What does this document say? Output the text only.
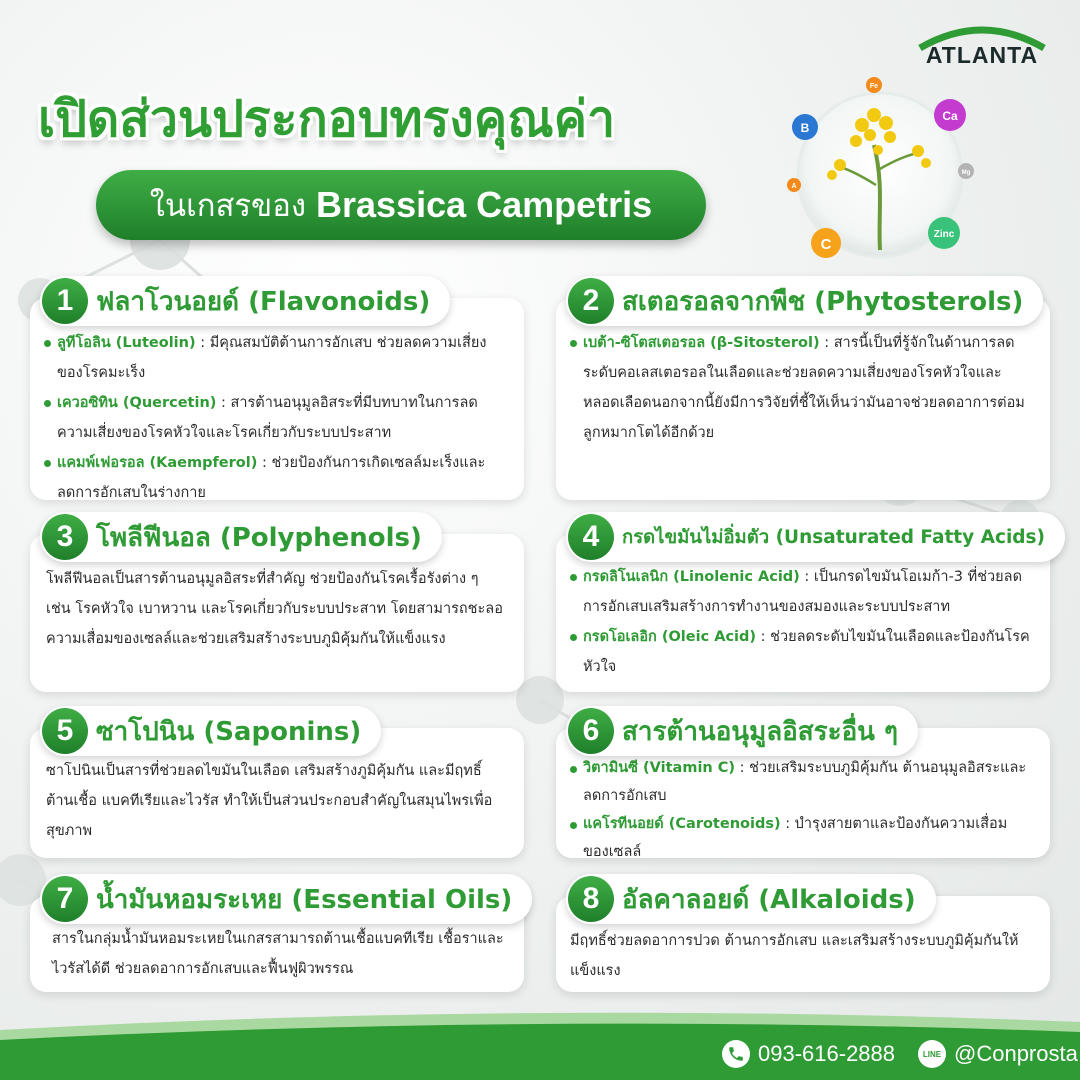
ATLANTA
เปิดส่วนประกอบทรงคุณค่า
ในเกสรของ Brassica Campetris
Fe
B
Ca
Mg
A
C
Zinc
ลูทีโอลิน (Luteolin) : มีคุณสมบัติต้านการอักเสบ ช่วยลดความเสี่ยงของโรคมะเร็ง
เควอซิทิน (Quercetin) : สารต้านอนุมูลอิสระที่มีบทบาทในการลดความเสี่ยงของโรคหัวใจและโรคเกี่ยวกับระบบประสาท
แคมพ์เฟอรอล (Kaempferol) : ช่วยป้องกันการเกิดเซลล์มะเร็งและลดการอักเสบในร่างกาย
1 ฟลาโวนอยด์ (Flavonoids)
เบต้า-ซิโตสเตอรอล (β-Sitosterol) : สารนี้เป็นที่รู้จักในด้านการลดระดับคอเลสเตอรอลในเลือดและช่วยลดความเสี่ยงของโรคหัวใจและหลอดเลือดนอกจากนี้ยังมีการวิจัยที่ชี้ให้เห็นว่ามันอาจช่วยลดอาการต่อมลูกหมากโตได้อีกด้วย
2 สเตอรอลจากพืช (Phytosterols)
โพลีฟีนอลเป็นสารต้านอนุมูลอิสระที่สำคัญ ช่วยป้องกันโรคเรื้อรังต่าง ๆ เช่น โรคหัวใจ เบาหวาน และโรคเกี่ยวกับระบบประสาท โดยสามารถชะลอความเสื่อมของเซลล์และช่วยเสริมสร้างระบบภูมิคุ้มกันให้แข็งแรง
3 โพลีฟีนอล (Polyphenols)
กรดลิโนเลนิก (Linolenic Acid) : เป็นกรดไขมันโอเมก้า-3 ที่ช่วยลดการอักเสบเสริมสร้างการทำงานของสมองและระบบประสาท
กรดโอเลอิก (Oleic Acid) : ช่วยลดระดับไขมันในเลือดและป้องกันโรคหัวใจ
4	กรดไขมันไม่อิ่มตัว (Unsaturated Fatty Acids)
ซาโปนินเป็นสารที่ช่วยลดไขมันในเลือด เสริมสร้างภูมิคุ้มกัน และมีฤทธิ์ต้านเชื้อ แบคทีเรียและไวรัส ทำให้เป็นส่วนประกอบสำคัญในสมุนไพรเพื่อสุขภาพ
5 ซาโปนิน (Saponins)
วิตามินซี (Vitamin C) : ช่วยเสริมระบบภูมิคุ้มกัน ต้านอนุมูลอิสระและลดการอักเสบ
แคโรทีนอยด์ (Carotenoids) : บำรุงสายตาและป้องกันความเสื่อมของเซลล์
6 สารต้านอนุมูลอิสระอื่น ๆ
สารในกลุ่มน้ำมันหอมระเหยในเกสรสามารถต้านเชื้อแบคทีเรีย เชื้อราและไวรัสได้ดี ช่วยลดอาการอักเสบและฟื้นฟูผิวพรรณ
7 น้ำมันหอมระเหย (Essential Oils)
มีฤทธิ์ช่วยลดอาการปวด ต้านการอักเสบ และเสริมสร้างระบบภูมิคุ้มกันให้แข็งแรง
8 อัลคาลอยด์ (Alkaloids)
093-616-2888	LINE @Conprosta
